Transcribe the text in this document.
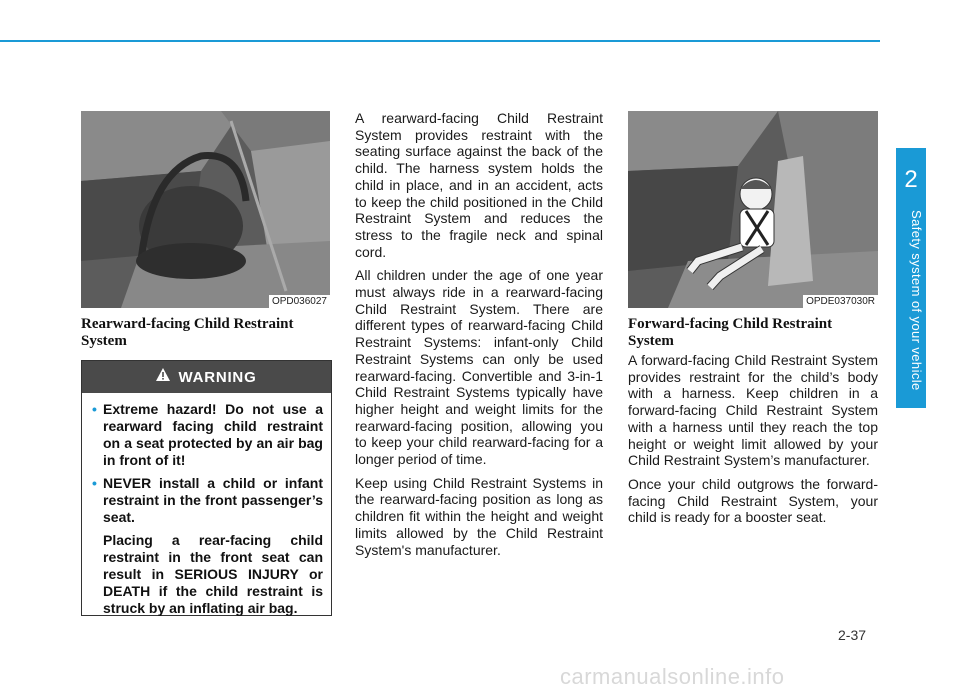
2
Safety system of your vehicle
OPD036027
Rearward-facing Child Restraint System
WARNING
• Extreme hazard! Do not use a rearward facing child restraint on a seat protected by an air bag in front of it!
• NEVER install a child or infant restraint in the front passenger’s seat.
Placing a rear-facing child restraint in the front seat can result in SERIOUS INJURY or DEATH if the child restraint is struck by an inflating air bag.

A rearward-facing Child Restraint System provides restraint with the seating surface against the back of the child. The harness system holds the child in place, and in an accident, acts to keep the child positioned in the Child Restraint System and reduces the stress to the fragile neck and spinal cord.

All children under the age of one year must always ride in a rearward-facing Child Restraint System. There are different types of rearward-facing Child Restraint Systems: infant-only Child Restraint Systems can only be used rearward-facing. Convertible and 3-in-1 Child Restraint Systems typically have higher height and weight limits for the rearward-facing position, allowing you to keep your child rearward-facing for a longer period of time.

Keep using Child Restraint Systems in the rearward-facing position as long as children fit within the height and weight limits allowed by the Child Restraint System's manufacturer.

OPDE037030R
Forward-facing Child Restraint System

A forward-facing Child Restraint System provides restraint for the child’s body with a harness. Keep children in a forward-facing Child Restraint System with a harness until they reach the top height or weight limit allowed by your Child Restraint System’s manufacturer.

Once your child outgrows the forward-facing Child Restraint System, your child is ready for a booster seat.

2-37
carmanualsonline.info
